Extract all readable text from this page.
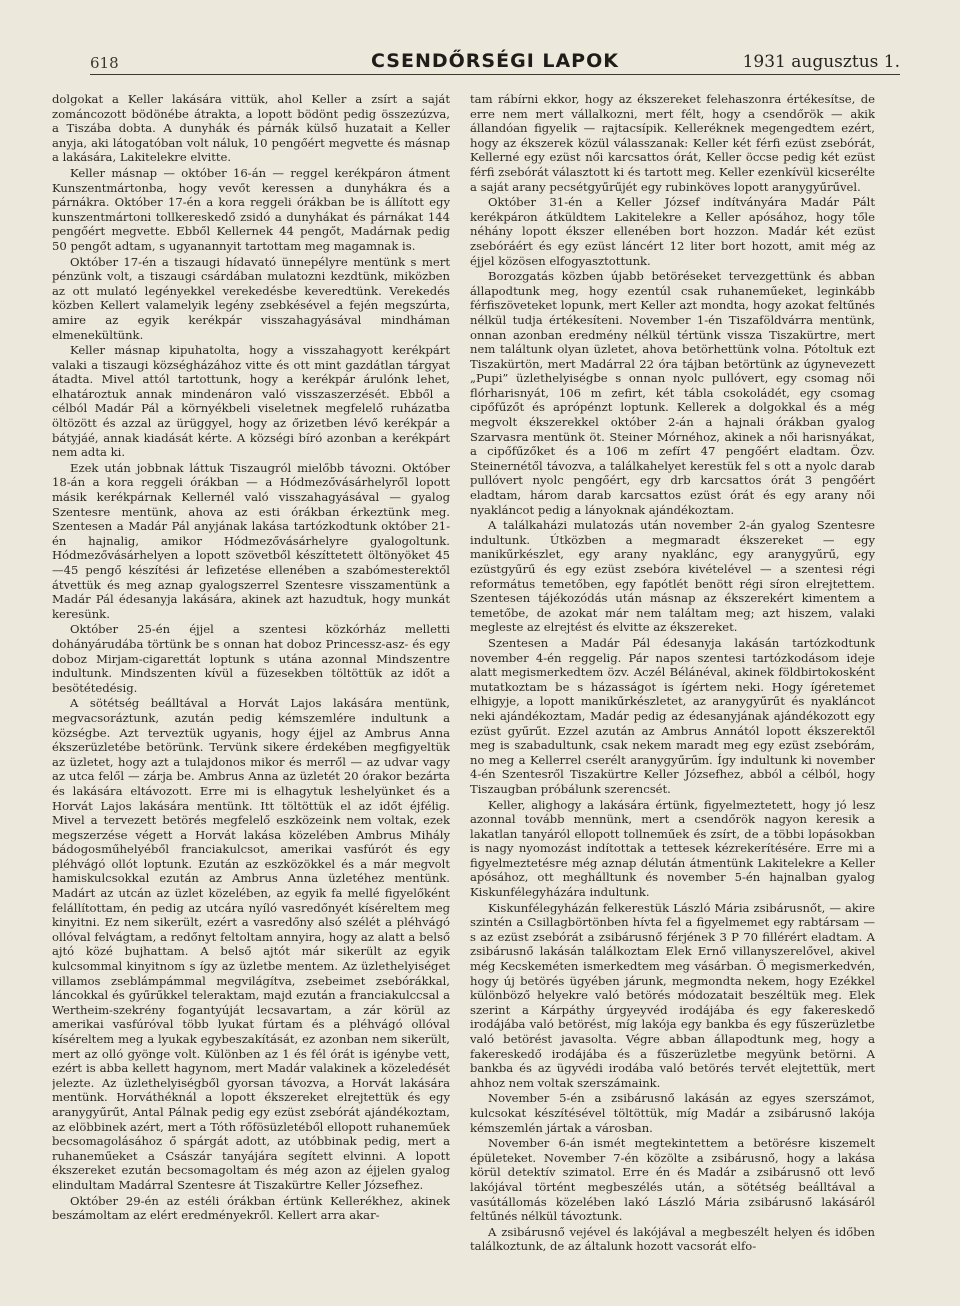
618	CSENDŐRSÉGI LAPOK	1931 augusztus 1.

dolgokat a Keller lakására vittük, ahol Keller a zsírt a saját zománcozott bödönébe átrakta, a lopott bödönt pedig összezúzva, a Tiszába dobta. A dunyhák és párnák külső huzatait a Keller anyja, aki látogatóban volt náluk, 10 pengőért megvette és másnap a lakására, Lakitelekre elvitte.

Keller másnap — október 16-án — reggel kerékpáron átment Kunszentmártonba, hogy vevőt keressen a dunyhákra és a párnákra. Október 17-én a kora reggeli órákban be is állított egy kunszentmártoni tollkereskedő zsidó a dunyhákat és párnákat 144 pengőért megvette. Ebből Kellernek 44 pengőt, Madárnak pedig 50 pengőt adtam, s ugyanannyit tartottam meg magamnak is.

Október 17-én a tiszaugi hídavató ünnepélyre mentünk s mert pénzünk volt, a tiszaugi csárdában mulatozni kezdtünk, miközben az ott mulató legényekkel verekedésbe keveredtünk. Verekedés közben Kellert valamelyik legény zsebkésével a fején megszúrta, amire az egyik kerékpár visszahagyásával mindháman elmenekültünk.

Keller másnap kipuhatolta, hogy a visszahagyott kerékpárt valaki a tiszaugi községházához vitte és ott mint gazdátlan tárgyat átadta. Mivel attól tartottunk, hogy a kerékpár árulónk lehet, elhatároztuk annak mindenáron való visszaszerzését. Ebből a célból Madár Pál a környékbeli viseletnek megfelelő ruházatba öltözött és azzal az ürüggyel, hogy az őrizetben lévő kerékpár a bátyjáé, annak kiadását kérte. A községi bíró azonban a kerékpárt nem adta ki.

Ezek után jobbnak láttuk Tiszaugról mielőbb távozni. Október 18-án a kora reggeli órákban — a Hódmezővásárhelyről lopott másik kerékpárnak Kellernél való visszahagyásával — gyalog Szentesre mentünk, ahova az esti órákban érkeztünk meg. Szentesen a Madár Pál anyjának lakása tartózkodtunk október 21-én hajnalig, amikor Hódmezővásárhelyre gyalogoltunk. Hódmezővásárhelyen a lopott szövetből készíttetett öltönyöket 45—45 pengő készítési ár lefizetése ellenében a szabómesterektől átvettük és meg aznap gyalogszerrel Szentesre visszamentünk a Madár Pál édesanyja lakására, akinek azt hazudtuk, hogy munkát keresünk.

Október 25-én éjjel a szentesi közkórház melletti dohányárudába törtünk be s onnan hat doboz Princessz-asz- és egy doboz Mirjam-cigarettát loptunk s utána azonnal Mindszentre indultunk. Mindszenten kívül a füzesekben töltöttük az időt a besötétedésig.

A sötétség beálltával a Horvát Lajos lakására mentünk, megvacsoráztunk, azután pedig kémszemlére indultunk a községbe. Azt terveztük ugyanis, hogy éjjel az Ambrus Anna ékszerüzletébe betörünk. Tervünk sikere érdekében megfigyeltük az üzletet, hogy azt a tulajdonos mikor és merről — az udvar vagy az utca felől — zárja be. Ambrus Anna az üzletét 20 órakor bezárta és lakására eltávozott. Erre mi is elhagytuk leshelyünket és a Horvát Lajos lakására mentünk. Itt töltöttük el az időt éjfélig. Mivel a tervezett betörés megfelelő eszközeink nem voltak, ezek megszerzése végett a Horvát lakása közelében Ambrus Mihály bádogosműhelyéből franciakulcsot, amerikai vasfúrót és egy pléhvágó ollót loptunk. Ezután az eszközökkel és a már megvolt hamiskulcsokkal ezután az Ambrus Anna üzletéhez mentünk. Madárt az utcán az üzlet közelében, az egyik fa mellé figyelőként felállítottam, én pedig az utcára nyíló vasredőnyét kíséreltem meg kinyitni. Ez nem sikerült, ezért a vasredőny alsó szélét a pléhvágó ollóval felvágtam, a redőnyt feltoltam annyira, hogy az alatt a belső ajtó közé bujhattam. A belső ajtót már sikerült az egyik kulcsommal kinyitnom s így az üzletbe mentem. Az üzlethelyiséget villamos zseblámpámmal megvilágítva, zsebeimet zsebórákkal, láncokkal és gyűrűkkel teleraktam, majd ezután a franciakulccsal a Wertheim-szekrény fogantyúját lecsavartam, a zár körül az amerikai vasfúróval több lyukat fúrtam és a pléhvágó ollóval kíséreltem meg a lyukak egybeszakítását, ez azonban nem sikerült, mert az olló gyönge volt. Különben az 1 és fél órát is igénybe vett, ezért is abba kellett hagynom, mert Madár valakinek a közeledését jelezte. Az üzlethelyiségből gyorsan távozva, a Horvát lakására mentünk. Horváthéknál a lopott ékszereket elrejtettük és egy aranygyűrűt, Antal Pálnak pedig egy ezüst zsebórát ajándékoztam, az elöbbinek azért, mert a Tóth rőfösüzletéből ellopott ruhaneműek becsomagolásához ő spárgát adott, az utóbbinak pedig, mert a ruhaneműeket a Császár tanyájára segített elvinni. A lopott ékszereket ezután becsomagoltam és még azon az éjjelen gyalog elindultam Madárral Szentesre át Tiszakürtre Keller Józsefhez.

Október 29-én az estéli órákban értünk Kellerékhez, akinek beszámoltam az elért eredményekről. Kellert arra akar-

tam rábírni ekkor, hogy az ékszereket felehaszonra értékesítse, de erre nem mert vállalkozni, mert félt, hogy a csendőrök — akik állandóan figyelik — rajtacsípik. Kelleréknek megengedtem ezért, hogy az ékszerek közül válasszanak: Keller két férfi ezüst zsebórát, Kellerné egy ezüst női karcsattos órát, Keller öccse pedig két ezüst férfi zsebórát választott ki és tartott meg. Keller ezenkívül kicserélte a saját arany pecsétgyűrűjét egy rubinköves lopott aranygyűrűvel.

Október 31-én a Keller József indítványára Madár Pált kerékpáron átküldtem Lakitelekre a Keller apósához, hogy tőle néhány lopott ékszer ellenében bort hozzon. Madár két ezüst zsebóráért és egy ezüst láncért 12 liter bort hozott, amit még az éjjel közösen elfogyasztottunk.

Borozgatás közben újabb betöréseket tervezgettünk és abban állapodtunk meg, hogy ezentúl csak ruhaneműeket, leginkább férfiszöveteket lopunk, mert Keller azt mondta, hogy azokat feltűnés nélkül tudja értékesíteni. November 1-én Tiszaföldvárra mentünk, onnan azonban eredmény nélkül tértünk vissza Tiszakürtre, mert nem találtunk olyan üzletet, ahova betörhettünk volna. Pótoltuk ezt Tiszakürtön, mert Madárral 22 óra tájban betörtünk az úgynevezett „Pupi” üzlethelyiségbe s onnan nyolc pullóvert, egy csomag női flórharisnyát, 106 m zefirt, két tábla csokoládét, egy csomag cipőfűzőt és aprópénzt loptunk. Kellerek a dolgokkal és a még megvolt ékszerekkel október 2-án a hajnali órákban gyalog Szarvasra mentünk öt. Steiner Mórnéhoz, akinek a női harisnyákat, a cipőfűzőket és a 106 m zefírt 47 pengőért eladtam. Özv. Steinernétől távozva, a találkahelyet kerestük fel s ott a nyolc darab pullóvert nyolc pengőért, egy drb karcsattos órát 3 pengőért eladtam, három darab karcsattos ezüst órát és egy arany női nyakláncot pedig a lányoknak ajándékoztam.

A találkaházi mulatozás után november 2-án gyalog Szentesre indultunk. Útközben a megmaradt ékszereket — egy manikűrkészlet, egy arany nyaklánc, egy aranygyűrű, egy ezüstgyűrű és egy ezüst zsebóra kivételével — a szentesi régi református temetőben, egy fapótlét benött régi síron elrejtettem. Szentesen tájékozódás után másnap az ékszerekért kimentem a temetőbe, de azokat már nem találtam meg; azt hiszem, valaki megleste az elrejtést és elvitte az ékszereket.

Szentesen a Madár Pál édesanyja lakásán tartózkodtunk november 4-én reggelig. Pár napos szentesi tartózkodásom ideje alatt megismerkedtem özv. Aczél Bélánéval, akinek földbirtokosként mutatkoztam be s házasságot is ígértem neki. Hogy ígéretemet elhigyje, a lopott manikűrkészletet, az aranygyűrűt és nyakláncot neki ajándékoztam, Madár pedig az édesanyjának ajándékozott egy ezüst gyűrűt. Ezzel azután az Ambrus Annától lopott ékszerektől meg is szabadultunk, csak nekem maradt meg egy ezüst zsebórám, no meg a Kellerrel cserélt aranygyűrűm. Így indultunk ki november 4-én Szentesről Tiszakürtre Keller Józsefhez, abból a célból, hogy Tiszaugban próbálunk szerencsét.

Keller, alighogy a lakására értünk, figyelmeztetett, hogy jó lesz azonnal tovább mennünk, mert a csendőrök nagyon keresik a lakatlan tanyáról ellopott tollneműek és zsírt, de a többi lopásokban is nagy nyomozást indítottak a tettesek kézrekerítésére. Erre mi a figyelmeztetésre még aznap délután átmentünk Lakitelekre a Keller apósához, ott meghálltunk és november 5-én hajnalban gyalog Kiskunfélegyházára indultunk.

Kiskunfélegyházán felkerestük László Mária zsibárusnőt, — akire szintén a Csillagbörtönben hívta fel a figyelmemet egy rabtársam — s az ezüst zsebórát a zsibárusnő férjének 3 P 70 fillérért eladtam. A zsibárusnő lakásán találkoztam Elek Ernő villanyszerelővel, akivel még Kecskeméten ismerkedtem meg vásárban. Ő megismerkedvén, hogy új betörés ügyében járunk, megmondta nekem, hogy Ezékkel különböző helyekre való betörés módozatait beszéltük meg. Elek szerint a Kárpáthy úrgyeyvéd irodájába és egy fakereskedő irodájába való betörést, míg lakója egy bankba és egy fűszerüzletbe való betörést javasolta. Végre abban állapodtunk meg, hogy a fakereskedő irodájába és a fűszerüzletbe megyünk betörni. A bankba és az ügyvédi irodába való betörés tervét elejtettük, mert ahhoz nem voltak szerszámaink.

November 5-én a zsibárusnő lakásán az egyes szerszámot, kulcsokat készítésével töltöttük, míg Madár a zsibárusnő lakója kémszemlén jártak a városban.

November 6-án ismét megtekintettem a betörésre kiszemelt épületeket. November 7-én közölte a zsibárusnő, hogy a lakása körül detektív szimatol. Erre én és Madár a zsibárusnő ott levő lakójával történt megbeszélés után, a sötétség beálltával a vasútállomás közelében lakó László Mária zsibárusnő lakásáról feltűnés nélkül távoztunk.

A zsibárusnő vejével és lakójával a megbeszélt helyen és időben találkoztunk, de az általunk hozott vacsorát elfo-
